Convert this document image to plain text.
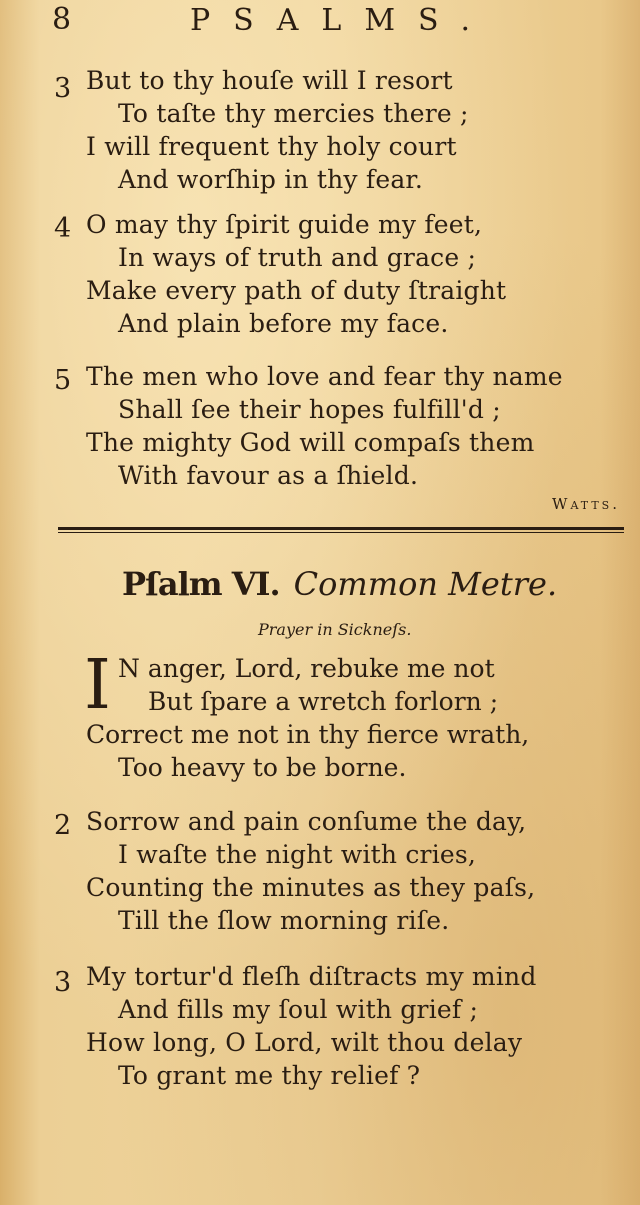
8	PSALMS.
3 But to thy houſe will I resort
To taſte thy mercies there ;
I will frequent thy holy court
And worſhip in thy fear.
4 O may thy ſpirit guide my feet,
In ways of truth and grace ;
Make every path of duty ſtraight
And plain before my face.
5 The men who love and fear thy name
Shall ſee their hopes fulfill'd ;
The mighty God will compaſs them
With favour as a ſhield.
Watts.
Pſalm VI. Common Metre.
Prayer in Sickneſs.
I N anger, Lord, rebuke me not
But ſpare a wretch forlorn ;
Correct me not in thy fierce wrath,
Too heavy to be borne.
2 Sorrow and pain conſume the day,
I waſte the night with cries,
Counting the minutes as they paſs,
Till the ſlow morning riſe.
3 My tortur'd fleſh diſtracts my mind
And fills my ſoul with grief ;
How long, O Lord, wilt thou delay
To grant me thy relief ?
